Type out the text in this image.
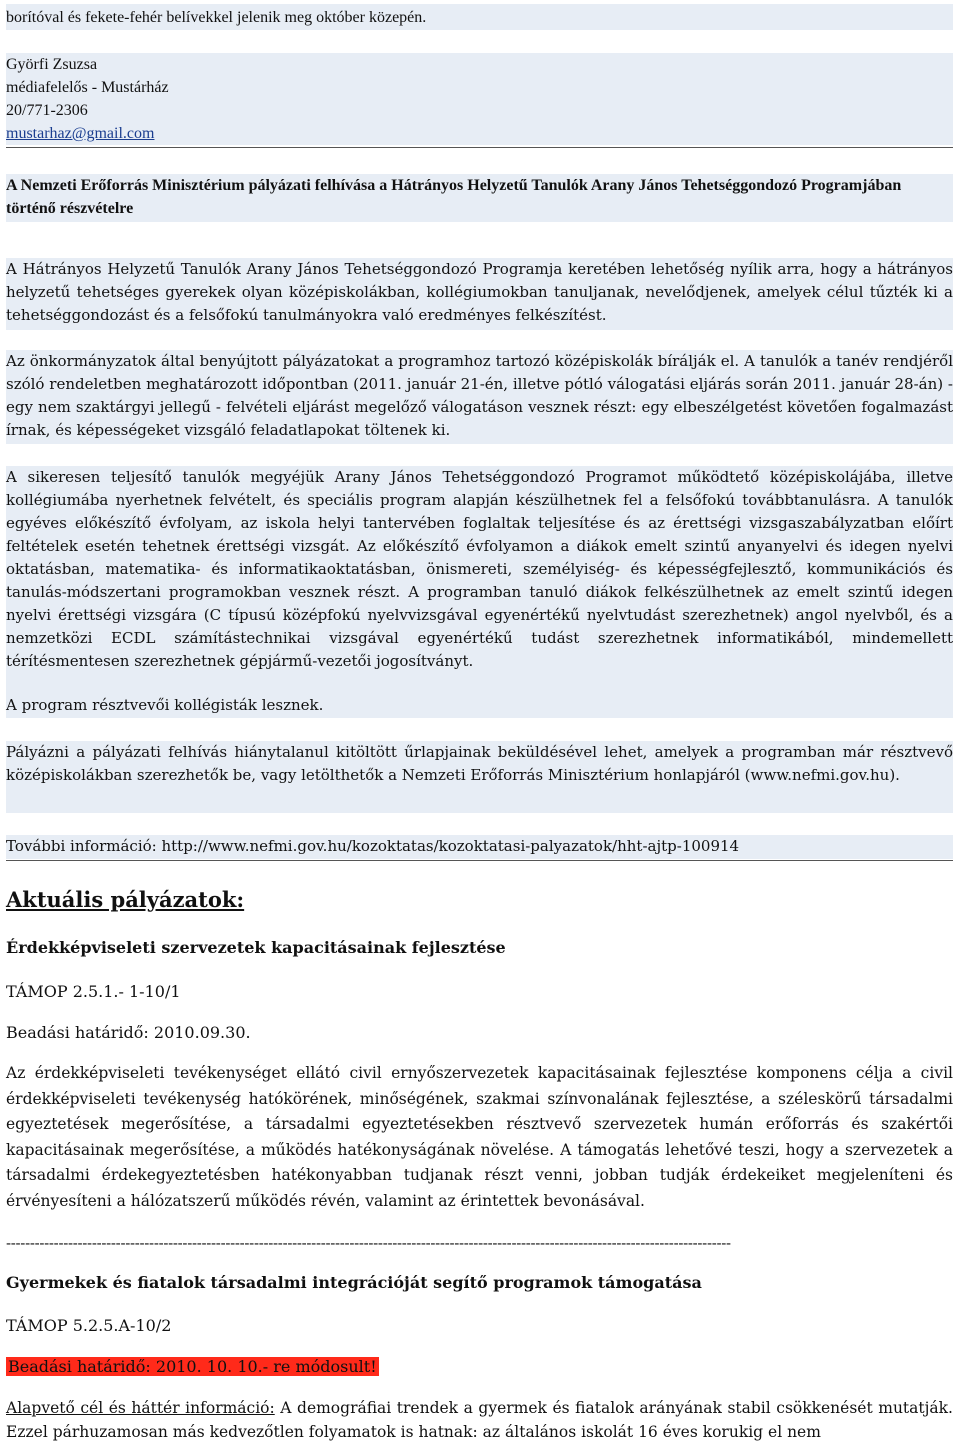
borítóval és fekete-fehér belívekkel jelenik meg október közepén.

Györfi Zsuzsa
médiafelelős - Mustárház
20/771-2306
mustarhaz@gmail.com

A Nemzeti Erőforrás Minisztérium pályázati felhívása a Hátrányos Helyzetű Tanulók Arany János Tehetséggondozó Programjában történő részvételre

A Hátrányos Helyzetű Tanulók Arany János Tehetséggondozó Programja keretében lehetőség nyílik arra, hogy a hátrányos helyzetű tehetséges gyerekek olyan középiskolákban, kollégiumokban tanuljanak, nevelődjenek, amelyek célul tűzték ki a tehetséggondozást és a felsőfokú tanulmányokra való eredményes felkészítést.

Az önkormányzatok által benyújtott pályázatokat a programhoz tartozó középiskolák bírálják el. A tanulók a tanév rendjéről szóló rendeletben meghatározott időpontban (2011. január 21-én, illetve pótló válogatási eljárás során 2011. január 28-án) - egy nem szaktárgyi jellegű - felvételi eljárást megelőző válogatáson vesznek részt: egy elbeszélgetést követően fogalmazást írnak, és képességeket vizsgáló feladatlapokat töltenek ki.

A sikeresen teljesítő tanulók megyéjük Arany János Tehetséggondozó Programot működtető középiskolájába, illetve kollégiumába nyerhetnek felvételt, és speciális program alapján készülhetnek fel a felsőfokú továbbtanulásra. A tanulók egyéves előkészítő évfolyam, az iskola helyi tantervében foglaltak teljesítése és az érettségi vizsgaszabályzatban előírt feltételek esetén tehetnek érettségi vizsgát. Az előkészítő évfolyamon a diákok emelt szintű anyanyelvi és idegen nyelvi oktatásban, matematika- és informatikaoktatásban, önismereti, személyiség- és képességfejlesztő, kommunikációs és tanulás-módszertani programokban vesznek részt. A programban tanuló diákok felkészülhetnek az emelt szintű idegen nyelvi érettségi vizsgára (C típusú középfokú nyelvvizsgával egyenértékű nyelvtudást szerezhetnek) angol nyelvből, és a nemzetközi ECDL számítástechnikai vizsgával egyenértékű tudást szerezhetnek informatikából, mindemellett térítésmentesen szerezhetnek gépjármű-vezetői jogosítványt.

A program résztvevői kollégisták lesznek.

Pályázni a pályázati felhívás hiánytalanul kitöltött űrlapjainak beküldésével lehet, amelyek a programban már résztvevő középiskolákban szerezhetők be, vagy letölthetők a Nemzeti Erőforrás Minisztérium honlapjáról (www.nefmi.gov.hu).

További információ: http://www.nefmi.gov.hu/kozoktatas/kozoktatasi-palyazatok/hht-ajtp-100914

Aktuális pályázatok:

Érdekképviseleti szervezetek kapacitásainak fejlesztése

TÁMOP 2.5.1.- 1-10/1

Beadási határidő: 2010.09.30.

Az érdekképviseleti tevékenységet ellátó civil ernyőszervezetek kapacitásainak fejlesztése komponens célja a civil érdekképviseleti tevékenység hatókörének, minőségének, szakmai színvonalának fejlesztése, a széleskörű társadalmi egyeztetések megerősítése, a társadalmi egyeztetésekben résztvevő szervezetek humán erőforrás és szakértői kapacitásainak megerősítése, a működés hatékonyságának növelése. A támogatás lehetővé teszi, hogy a szervezetek a társadalmi érdekegyeztetésben hatékonyabban tudjanak részt venni, jobban tudják érdekeiket megjeleníteni és érvényesíteni a hálózatszerű működés révén, valamint az érintettek bevonásával.

--------------------------------------------------------------------------------------------------------------------------------------------------------

Gyermekek és fiatalok társadalmi integrációját segítő programok támogatása

TÁMOP 5.2.5.A-10/2

Beadási határidő: 2010. 10. 10.- re módosult!

Alapvető cél és háttér információ: A demográfiai trendek a gyermek és fiatalok arányának stabil csökkenését mutatják. Ezzel párhuzamosan más kedvezőtlen folyamatok is hatnak: az általános iskolát 16 éves korukig el nem
